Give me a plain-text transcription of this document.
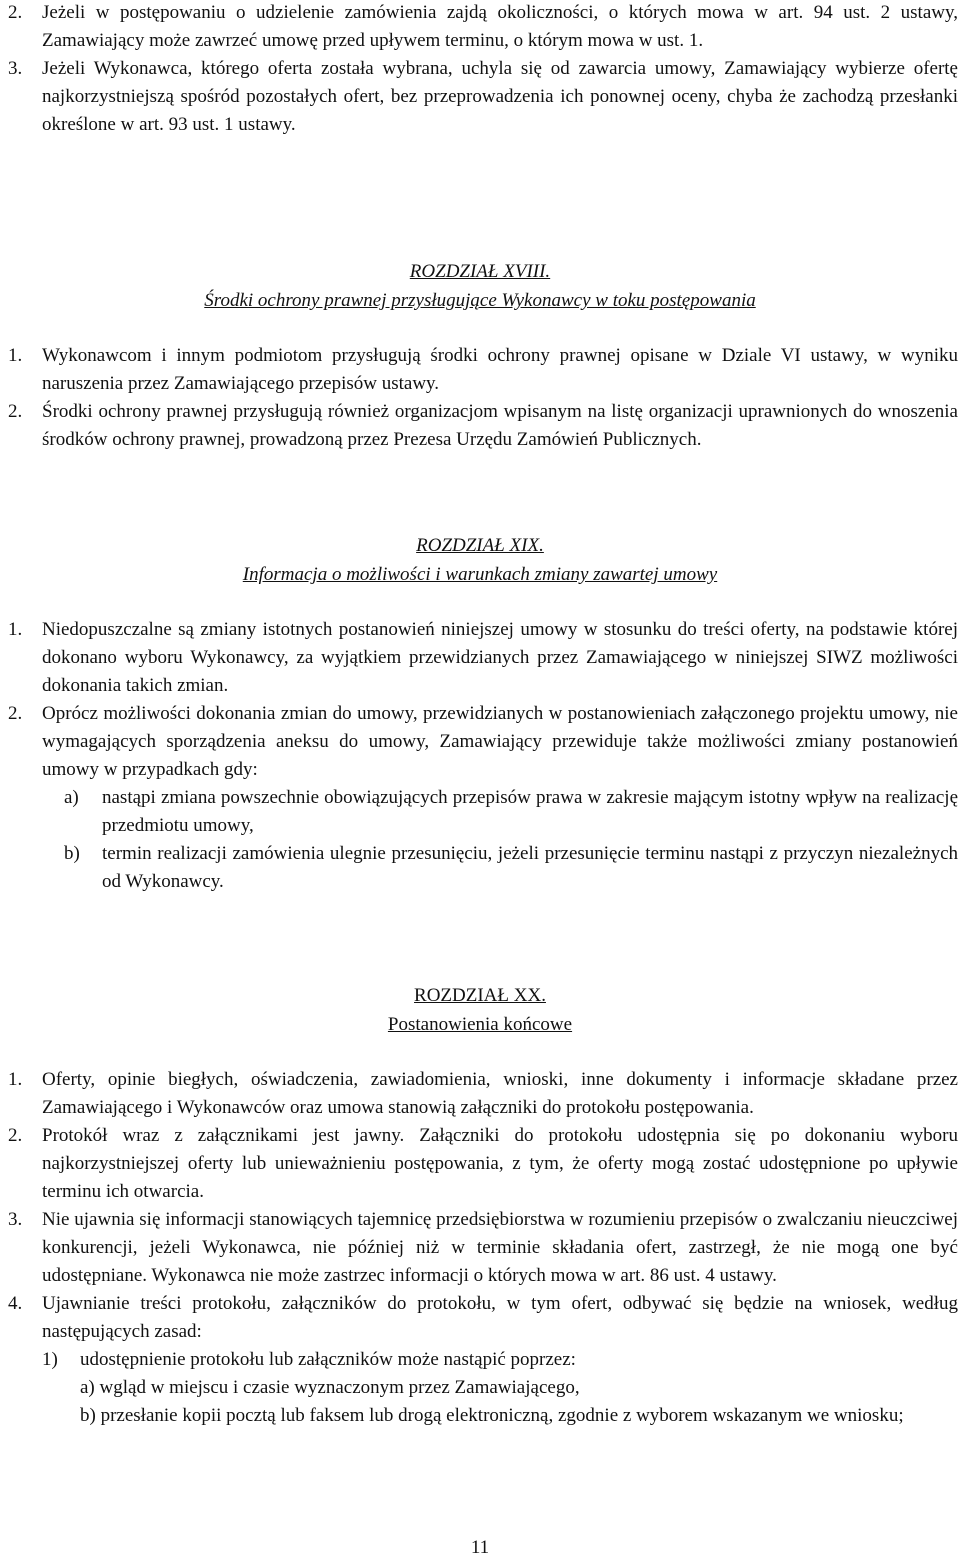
2. Jeżeli w postępowaniu o udzielenie zamówienia zajdą okoliczności, o których mowa w art. 94 ust. 2 ustawy, Zamawiający może zawrzeć umowę przed upływem terminu, o którym mowa w ust. 1.
3. Jeżeli Wykonawca, którego oferta została wybrana, uchyla się od zawarcia umowy, Zamawiający wybierze ofertę najkorzystniejszą spośród pozostałych ofert, bez przeprowadzenia ich ponownej oceny, chyba że zachodzą przesłanki określone w art. 93 ust. 1 ustawy.
ROZDZIAŁ XVIII.
Środki ochrony prawnej przysługujące Wykonawcy w toku postępowania
1. Wykonawcom i innym podmiotom przysługują środki ochrony prawnej opisane w Dziale VI ustawy, w wyniku naruszenia przez Zamawiającego przepisów ustawy.
2. Środki ochrony prawnej przysługują również organizacjom wpisanym na listę organizacji uprawnionych do wnoszenia środków ochrony prawnej, prowadzoną przez Prezesa Urzędu Zamówień Publicznych.
ROZDZIAŁ XIX.
Informacja o możliwości i warunkach zmiany zawartej umowy
1. Niedopuszczalne są zmiany istotnych postanowień niniejszej umowy w stosunku do treści oferty, na podstawie której dokonano wyboru Wykonawcy, za wyjątkiem przewidzianych przez Zamawiającego w niniejszej SIWZ możliwości dokonania takich zmian.
2. Oprócz możliwości dokonania zmian do umowy, przewidzianych w postanowieniach załączonego projektu umowy, nie wymagających sporządzenia aneksu do umowy, Zamawiający przewiduje także możliwości zmiany postanowień umowy w przypadkach gdy:
a) nastąpi zmiana powszechnie obowiązujących przepisów prawa w zakresie mającym istotny wpływ na realizację przedmiotu umowy,
b) termin realizacji zamówienia ulegnie przesunięciu, jeżeli przesunięcie terminu nastąpi z przyczyn niezależnych od Wykonawcy.
ROZDZIAŁ XX.
Postanowienia końcowe
1. Oferty, opinie biegłych, oświadczenia, zawiadomienia, wnioski, inne dokumenty i informacje składane przez Zamawiającego i Wykonawców oraz umowa stanowią załączniki do protokołu postępowania.
2. Protokół wraz z załącznikami jest jawny. Załączniki do protokołu udostępnia się po dokonaniu wyboru najkorzystniejszej oferty lub unieważnieniu postępowania, z tym, że oferty mogą zostać udostępnione po upływie terminu ich otwarcia.
3. Nie ujawnia się informacji stanowiących tajemnicę przedsiębiorstwa w rozumieniu przepisów o zwalczaniu nieuczciwej konkurencji, jeżeli Wykonawca, nie później niż w terminie składania ofert, zastrzegł, że nie mogą one być udostępniane. Wykonawca nie może zastrzec informacji o których mowa w art. 86 ust. 4 ustawy.
4. Ujawnianie treści protokołu, załączników do protokołu, w tym ofert, odbywać się będzie na wniosek, według następujących zasad:
1) udostępnienie protokołu lub załączników może nastąpić poprzez:
a) wgląd w miejscu i czasie wyznaczonym przez Zamawiającego,
b) przesłanie kopii pocztą lub faksem lub drogą elektroniczną, zgodnie z wyborem wskazanym we wniosku;
11
